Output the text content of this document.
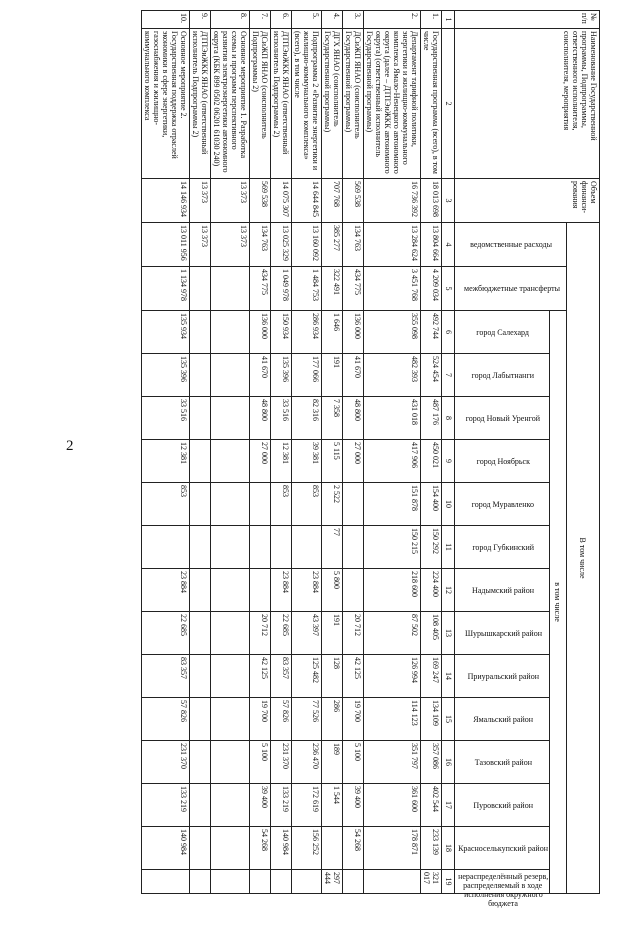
2
№ п/п	Наименование Государственной программы, Подпрограммы, ответственного исполнителя, соисполнителя, мероприятия	Объем финанси-рования	В том числе																
			ведомственные расходы	межбюджетные трансферты	в том числе														
					город Салехард	город Лабытнанги	город Новый Уренгой	город Ноябрьск	город Муравленко	город Губкинский	Надымский район	Шурышкарский район	Приуральский район	Ямальский район	Тазовский район	Пуровский район	Красноселькупский район	нераспределённый резерв, распределяемый в ходе исполнения окружного бюджета	
1	2	3	4	5	6	7	8	9	10	11	12	13	14	15	16	17	18	19	
1.	Государственная программа (всего), в том числе	18 013 698	13 804 664	4 209 034	492 744	524 454	487 176	450 021	154 400	150 292	224 400	108 405	169 247	134 109	357 086	402 544	233 139	321 017	
2.	Департамент тарифной политики, энергетики и жилищно-коммунального комплекса Ямало-Ненецкого автономного округа (далее – ДТПЭиЖКК автономного округа) (ответственный исполнитель Государственной программы)	16 736 392	13 284 624	3 451 768	355 098	482 393	431 018	417 906	151 878	150 215	218 600	87 502	126 994	114 123	351 797	361 600	178 871		
3.	ДСиЖП ЯНАО (соисполнитель Государственной программы)	569 538	134 763	434 775	136 000	41 670	48 800	27 000				20 712	42 125	19 700	5 100	39 400	54 268		
4.	ДГХ ЯНАО (соисполнитель Государственной программы)	707 768	385 277	322 491	1 646	191	7 358	5 115	2 522	77	5 800	191	128	286	189	1 544		297 444	
5.	Подпрограмма 2 «Развитие энергетики и жилищно-коммунального комплекса» (всего), в том числе	14 644 845	13 160 092	1 484 753	286 934	177 066	82 316	39 381	853		23 884	43 397	125 482	77 526	236 470	172 619	156 252		
6.	ДТПЭиЖКК ЯНАО (ответственный исполнитель Подпрограммы 2)	14 075 307	13 025 329	1 049 978	150 934	135 396	33 516	12 381	853		23 884	22 685	83 357	57 826	231 370	133 219	140 984		
7.	ДСиЖП ЯНАО (соисполнитель Подпрограммы 2)	569 538	134 763	434 775	136 000	41 670	48 800	27 000				20 712	42 125	19 700	5 100	39 400	54 268		
8.	Основное мероприятие 1. Разработка схемы и программ перспективного развития электроэнергетики автономного округа (КБК 899 0502 06201 61030 240)	13 373	13 373																
9.	ДТПЭиЖКК ЯНАО (ответственный исполнитель Подпрограммы 2)	13 373	13 373																
10.	Основное мероприятие 2. Государственная поддержка отраслей экономики в сфере энергетики, газоснабжения и жилищно-коммунального комплекса	14 146 934	13 011 956	1 134 978	135 934	135 396	33 516	12 381	853		23 884	22 685	83 357	57 826	231 370	133 219	140 984		
